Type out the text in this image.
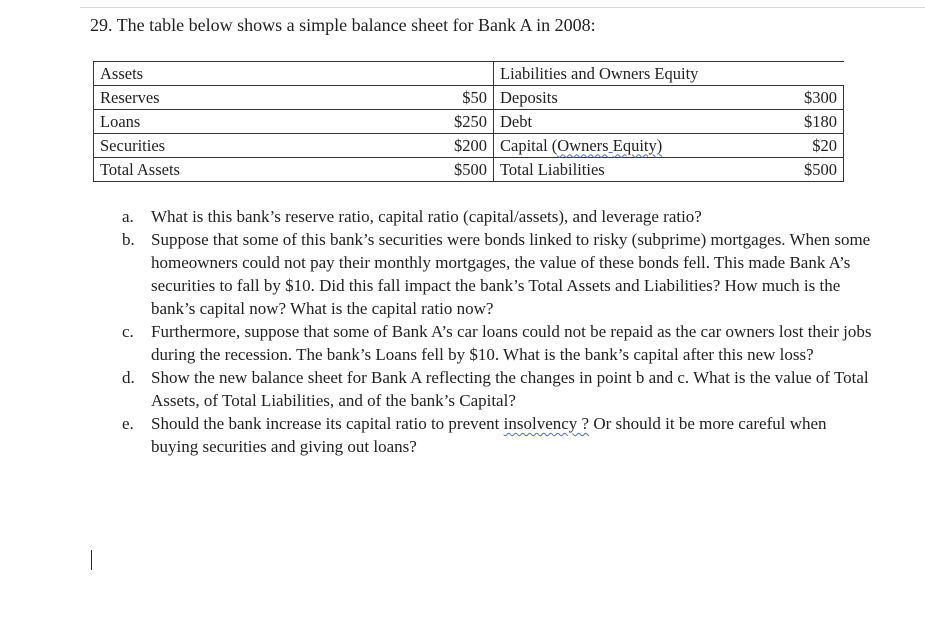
29. The table below shows a simple balance sheet for Bank A in 2008:
Assets		Liabilities and Owners Equity	
Reserves	$50	Deposits	$300
Loans	$250	Debt	$180
Securities	$200	Capital (Owners Equity)	$20
Total Assets	$500	Total Liabilities	$500
a. What is this bank’s reserve ratio, capital ratio (capital/assets), and leverage ratio?
b. Suppose that some of this bank’s securities were bonds linked to risky (subprime) mortgages. When some homeowners could not pay their monthly mortgages, the value of these bonds fell. This made Bank A’s securities to fall by $10. Did this fall impact the bank’s Total Assets and Liabilities? How much is the bank’s capital now? What is the capital ratio now?
c. Furthermore, suppose that some of Bank A’s car loans could not be repaid as the car owners lost their jobs during the recession. The bank’s Loans fell by $10. What is the bank’s capital after this new loss?
d. Show the new balance sheet for Bank A reflecting the changes in point b and c. What is the value of Total Assets, of Total Liabilities, and of the bank’s Capital?
e. Should the bank increase its capital ratio to prevent insolvency ? Or should it be more careful when buying securities and giving out loans?
